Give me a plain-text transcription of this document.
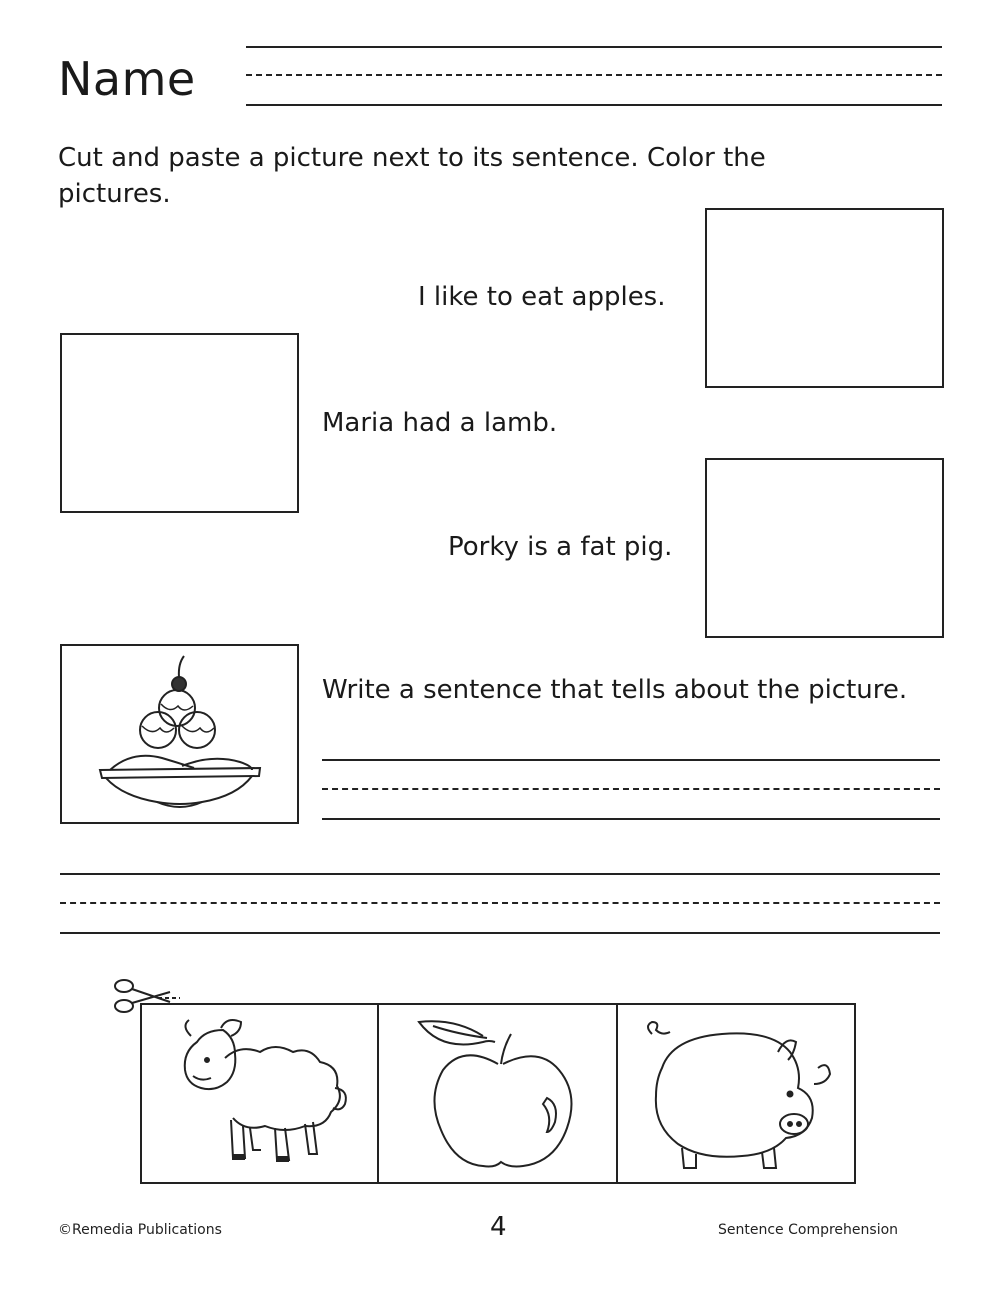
Name
Cut and paste a picture next to its sentence. Color the pictures.
I like to eat apples.
Maria had a lamb.
Porky is a fat pig.
Write a sentence that tells about the picture.
©Remedia Publications	4	Sentence Comprehension
